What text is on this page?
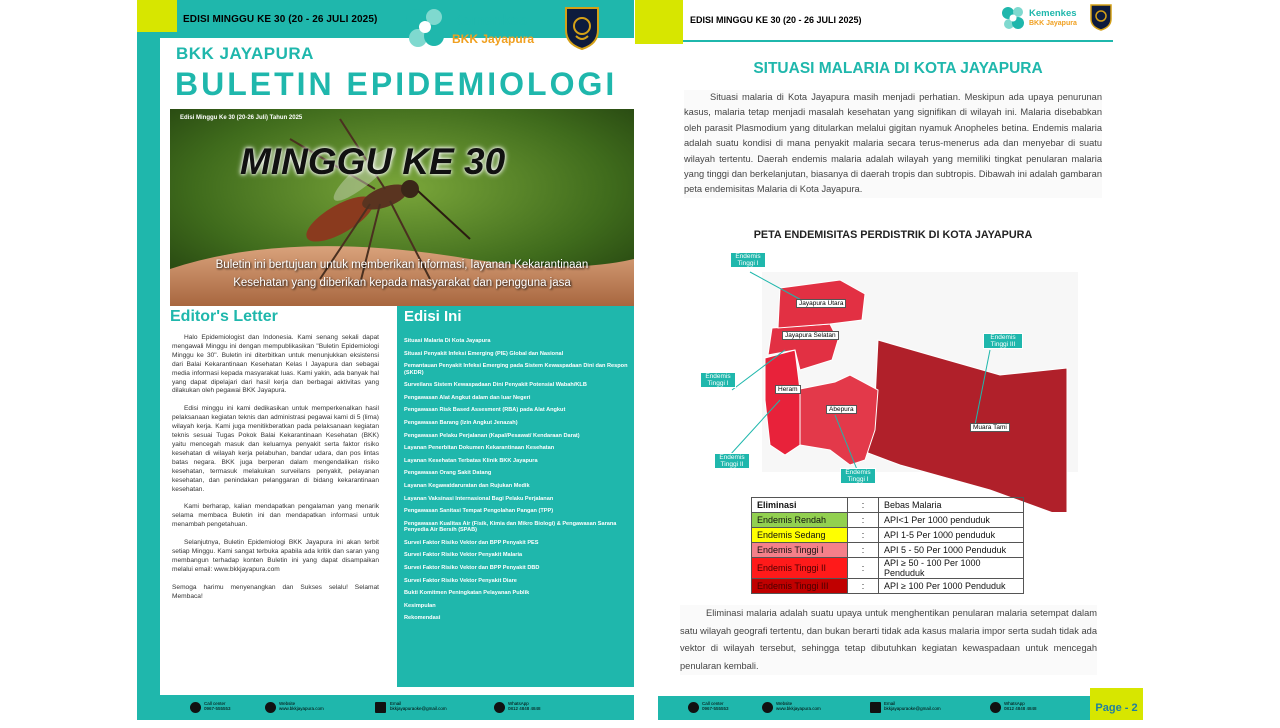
EDISI MINGGU KE 30 (20 - 26 JULI 2025)	Kemenkes
BKK Jayapura
BKK JAYAPURA
BULETIN EPIDEMIOLOGI
Edisi Minggu Ke 30 (20-26 Juli) Tahun 2025
MINGGU KE 30
Buletin ini bertujuan untuk memberikan informasi, layanan Kekarantinaan
Kesehatan yang diberikan kepada masyarakat dan pengguna jasa
Editor's Letter

Halo Epidemiologist dan Indonesia. Kami senang sekali dapat mengawali Minggu ini dengan mempublikasikan "Buletin Epidemiologi Minggu ke 30". Buletin ini diterbitkan untuk menunjukkan eksistensi dari Balai Kekarantinaan Kesehatan Kelas I Jayapura dan sebagai media informasi kepada masyarakat luas. Kami yakin, ada banyak hal yang dapat dipelajari dari hasil kerja dan berbagai aktivitas yang dilakukan oleh pegawai BKK Jayapura.

Edisi minggu ini kami dedikasikan untuk memperkenalkan hasil pelaksanaan kegiatan teknis dan administrasi pegawai kami di 5 (lima) wilayah kerja. Kami juga menitikberatkan pada pelaksanaan kegiatan teknis sesuai Tugas Pokok Balai Kekarantinaan Kesehatan (BKK) yaitu mencegah masuk dan keluarnya penyakit serta faktor risiko kesehatan di wilayah kerja pelabuhan, bandar udara, dan pos lintas batas negara. BKK juga berperan dalam mengendalikan risiko kesehatan, termasuk melakukan surveilans penyakit, pelayanan kesehatan, dan penindakan pelanggaran di bidang kekarantinaan kesehatan.

Kami berharap, kalian mendapatkan pengalaman yang menarik selama membaca Buletin ini dan mendapatkan informasi untuk menambah pengetahuan.

Selanjutnya, Buletin Epidemiologi BKK Jayapura ini akan terbit setiap Minggu. Kami sangat terbuka apabila ada kritik dan saran yang membangun terhadap konten Buletin ini yang dapat disampaikan melalui email: www.bkkjayapura.com

Semoga harimu menyenangkan dan Sukses selalu! Selamat Membaca!

Edisi Ini
Situasi Malaria Di Kota Jayapura
Situasi Penyakit Infeksi Emerging (PIE) Global dan Nasional
Pemantauan Penyakit Infeksi Emerging pada Sistem Kewaspadaan Dini dan Respon (SKDR)
Surveilans Sistem Kewaspadaan Dini Penyakit Potensial Wabah/KLB
Pengawasan Alat Angkut dalam dan luar Negeri
Pengawasan Risk Based Assesment (RBA) pada Alat Angkut
Pengawasan Barang (Izin Angkut Jenazah)
Pengawasan Pelaku Perjalanan (Kapal/Pesawat/ Kendaraan Darat)
Layanan Penerbitan Dokumen Kekarantinaan Kesehatan
Layanan Kesehatan Terbatas Klinik BKK Jayapura
Pengawasan Orang Sakit Datang
Layanan Kegawatdaruratan dan Rujukan Medik
Layanan Vaksinasi Internasional Bagi Pelaku Perjalanan
Pengawasan Sanitasi Tempat Pengolahan Pangan (TPP)
Pengawasan Kualitas Air (Fisik, Kimia dan Mikro Biologi) & Pengawasan Sarana Penyedia Air Bersih (SPAB)
Survei Faktor Risiko Vektor dan BPP Penyakit PES
Survei Faktor Risiko Vektor Penyakit Malaria
Survei Faktor Risiko Vektor dan BPP Penyakit DBD
Survei Faktor Risiko Vektor Penyakit Diare
Bukti Komitmen Peningkatan Pelayanan Publik
Kesimpulan
Rekomendasi
Call center
0967-555553
Website
www.bkkjayapura.com
Email
bkkjayapuraoke@gmail.com
WhatsApp
0812 4848 4848
EDISI MINGGU KE 30 (20 - 26 JULI 2025)
Kemenkes
BKK Jayapura
SITUASI MALARIA DI KOTA JAYAPURA
Situasi malaria di Kota Jayapura masih menjadi perhatian. Meskipun ada upaya penurunan kasus, malaria tetap menjadi masalah kesehatan yang signifikan di wilayah ini. Malaria disebabkan oleh parasit Plasmodium yang ditularkan melalui gigitan nyamuk Anopheles betina. Endemis malaria adalah suatu kondisi di mana penyakit malaria secara terus-menerus ada dan menyebar di suatu wilayah tertentu. Daerah endemis malaria adalah wilayah yang memiliki tingkat penularan malaria yang tinggi dan berkelanjutan, biasanya di daerah tropis dan subtropis. Dibawah ini adalah gambaran peta endemisitas Malaria di Kota Jayapura.
PETA ENDEMISITAS PERDISTRIK DI KOTA JAYAPURA
Jayapura Utara
Jayapura Selatan
Heram
Abepura
Muara Tami
Endemis Tinggi I
Endemis Tinggi III
Endemis Tinggi I
Endemis Tinggi II
Endemis Tinggi I
Eliminasi	:	Bebas Malaria
Endemis Rendah	:	API<1 Per 1000 penduduk
Endemis Sedang	:	API 1-5 Per 1000 penduduk
Endemis Tinggi I	:	API 5 - 50 Per 1000 Penduduk
Endemis Tinggi II	:	API ≥ 50 - 100 Per 1000 Penduduk
Endemis Tinggi III	:	API ≥ 100 Per 1000 Penduduk
Eliminasi malaria adalah suatu upaya untuk menghentikan penularan malaria setempat dalam satu wilayah geografi tertentu, dan bukan berarti tidak ada kasus malaria impor serta sudah tidak ada vektor di wilayah tersebut, sehingga tetap dibutuhkan kegiatan kewaspadaan untuk mencegah penularan kembali.
Call center
0967-555553
Website
www.bkkjayapura.com
Email
bkkjayapuraoke@gmail.com
WhatsApp
0812 4848 4848	Page - 2
